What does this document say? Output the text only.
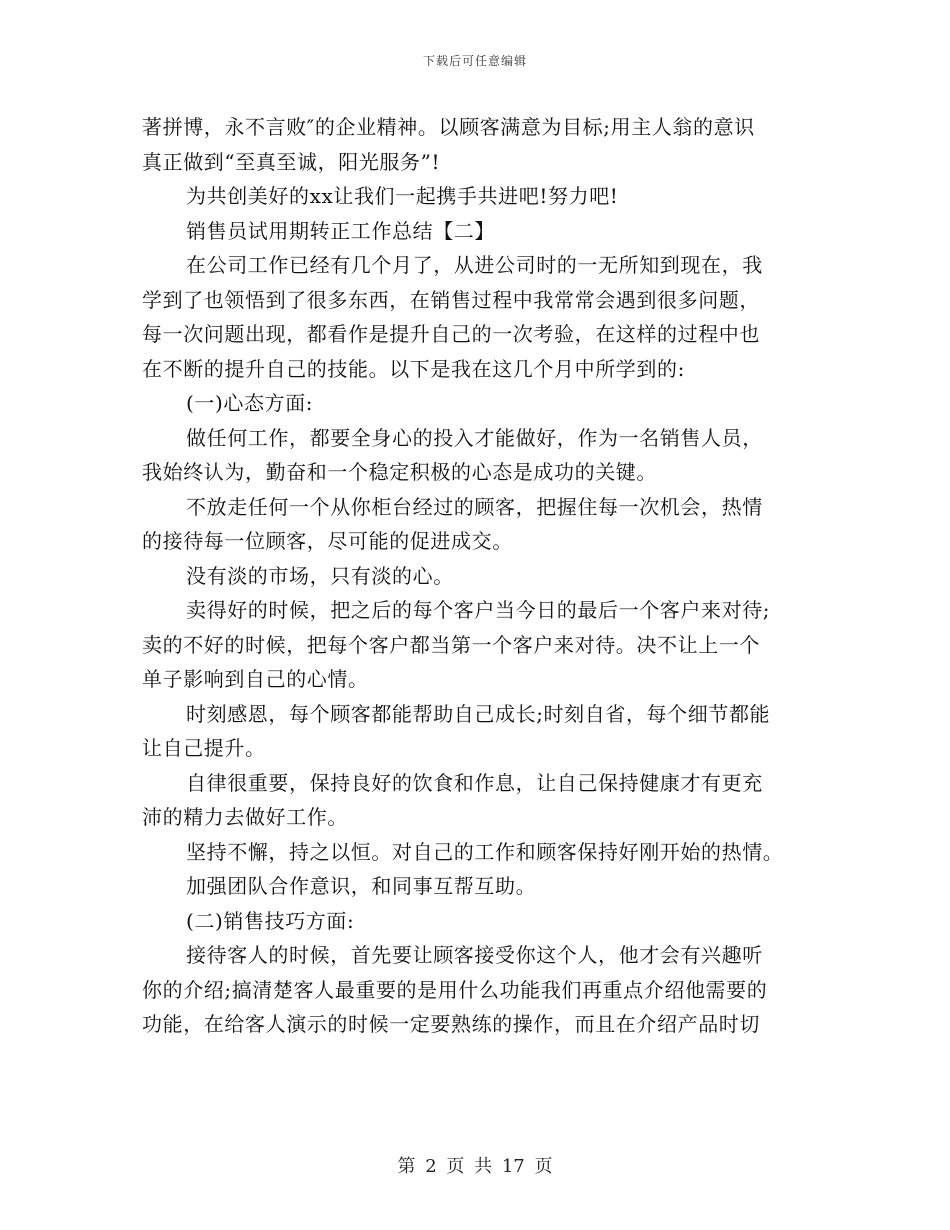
下载后可任意编辑
著拼博，永不言败″的企业精神。以顾客满意为目标;用主人翁的意识
真正做到“至真至诚，阳光服务”!
为共创美好的xx让我们一起携手共进吧!努力吧!
销售员试用期转正工作总结【二】
在公司工作已经有几个月了，从进公司时的一无所知到现在，我
学到了也领悟到了很多东西，在销售过程中我常常会遇到很多问题，
每一次问题出现，都看作是提升自己的一次考验，在这样的过程中也
在不断的提升自己的技能。以下是我在这几个月中所学到的:
(一)心态方面:
做任何工作，都要全身心的投入才能做好，作为一名销售人员，
我始终认为，勤奋和一个稳定积极的心态是成功的关键。
不放走任何一个从你柜台经过的顾客，把握住每一次机会，热情
的接待每一位顾客，尽可能的促进成交。
没有淡的市场，只有淡的心。
卖得好的时候，把之后的每个客户当今日的最后一个客户来对待;
卖的不好的时候，把每个客户都当第一个客户来对待。决不让上一个
单子影响到自己的心情。
时刻感恩，每个顾客都能帮助自己成长;时刻自省，每个细节都能
让自己提升。
自律很重要，保持良好的饮食和作息，让自己保持健康才有更充
沛的精力去做好工作。
坚持不懈，持之以恒。对自己的工作和顾客保持好刚开始的热情。
加强团队合作意识，和同事互帮互助。
(二)销售技巧方面:
接待客人的时候，首先要让顾客接受你这个人，他才会有兴趣听
你的介绍;搞清楚客人最重要的是用什么功能我们再重点介绍他需要的
功能，在给客人演示的时候一定要熟练的操作，而且在介绍产品时切
第 2 页 共 17 页
